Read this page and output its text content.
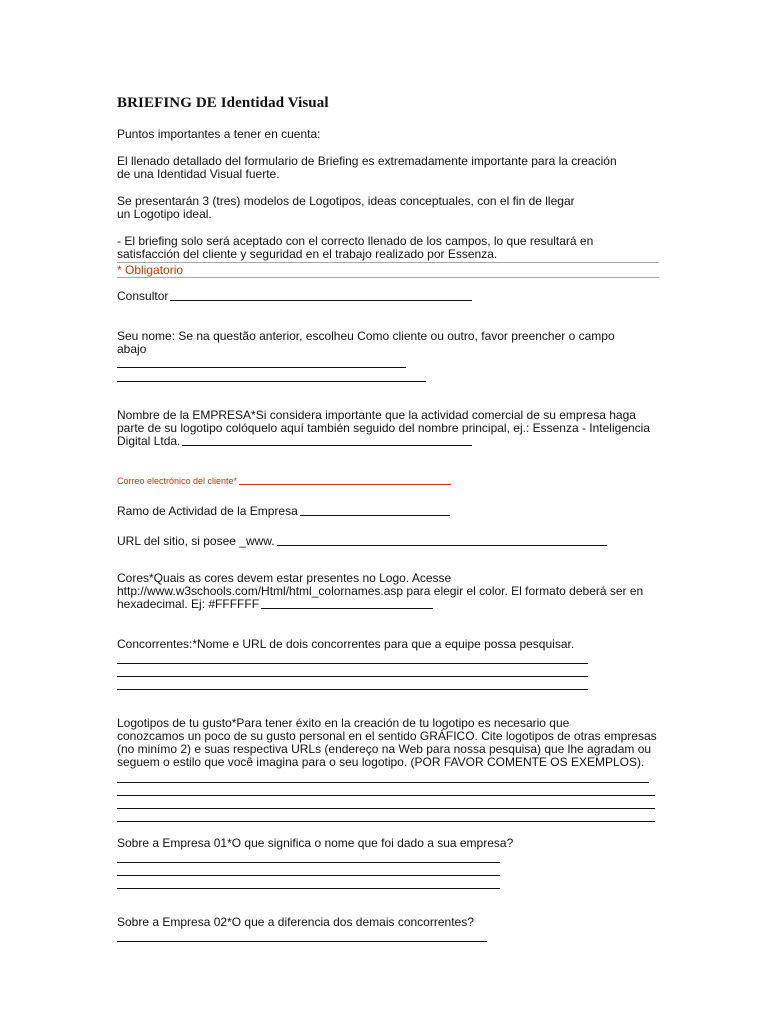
BRIEFING DE Identidad Visual
Puntos importantes a tener en cuenta:
El llenado detallado del formulario de Briefing es extremadamente importante para la creación
de una Identidad Visual fuerte.
Se presentarán 3 (tres) modelos de Logotipos, ideas conceptuales, con el fin de llegar
un Logotipo ideal.
- El briefing solo será aceptado con el correcto llenado de los campos, lo que resultará en
satisfacción del cliente y seguridad en el trabajo realizado por Essenza.
* Obligatorio
Consultor
Seu nome: Se na questão anterior, escolheu Como cliente ou outro, favor preencher o campo
abajo
Nombre de la EMPRESA*Si considera importante que la actividad comercial de su empresa haga
parte de su logotipo colóquelo aquí también seguido del nombre principal, ej.: Essenza - Inteligencia
Digital Ltda.
Correo electrónico del cliente*
Ramo de Actividad de la Empresa
URL del sitio, si posee _www.
Cores*Quais as cores devem estar presentes no Logo. Acesse
http://www.w3schools.com/Html/html_colornames.asp para elegir el color. El formato deberá ser en
hexadecimal. Ej: #FFFFFF
Concorrentes:*Nome e URL de dois concorrentes para que a equipe possa pesquisar.
Logotipos de tu gusto*Para tener éxito en la creación de tu logotipo es necesario que
conozcamos un poco de su gusto personal en el sentido GRÁFICO. Cite logotipos de otras empresas
(no minímo 2) e suas respectiva URLs (endereço na Web para nossa pesquisa) que lhe agradam ou
seguem o estilo que você imagina para o seu logotipo. (POR FAVOR COMENTE OS EXEMPLOS).
Sobre a Empresa 01*O que significa o nome que foi dado a sua empresa?
Sobre a Empresa 02*O que a diferencia dos demais concorrentes?
